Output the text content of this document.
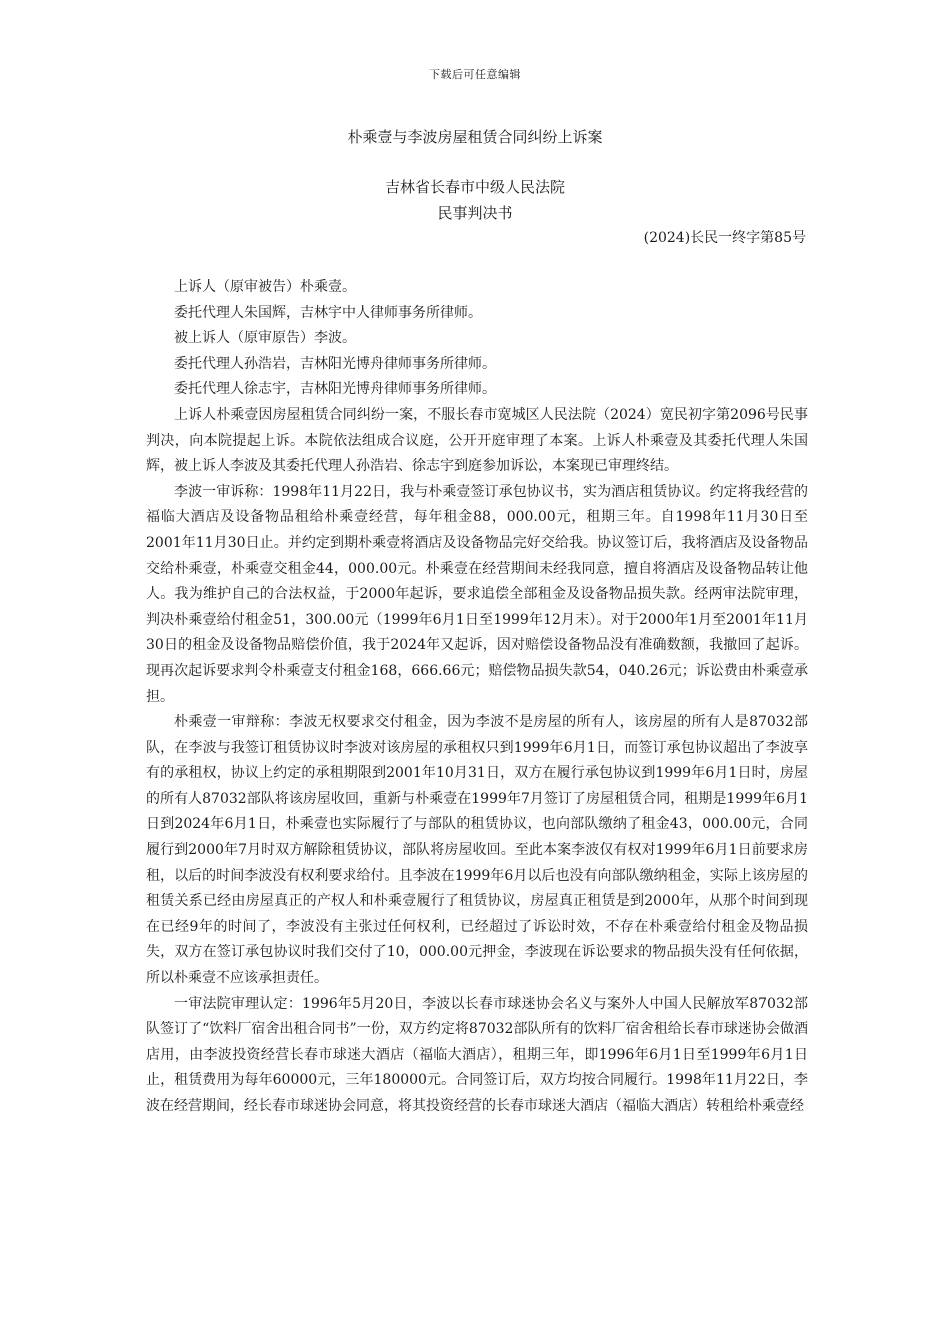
下载后可任意编辑
朴乘壹与李波房屋租赁合同纠纷上诉案
吉林省长春市中级人民法院
民事判决书
(2024)长民一终字第85号

上诉人（原审被告）朴乘壹。

委托代理人朱国辉，吉林宇中人律师事务所律师。

被上诉人（原审原告）李波。

委托代理人孙浩岩，吉林阳光博舟律师事务所律师。

委托代理人徐志宇，吉林阳光博舟律师事务所律师。

上诉人朴乘壹因房屋租赁合同纠纷一案，不服长春市宽城区人民法院（2024）宽民初字第2096号民事判决，向本院提起上诉。本院依法组成合议庭，公开开庭审理了本案。上诉人朴乘壹及其委托代理人朱国辉，被上诉人李波及其委托代理人孙浩岩、徐志宇到庭参加诉讼，本案现已审理终结。

李波一审诉称：1998年11月22日，我与朴乘壹签订承包协议书，实为酒店租赁协议。约定将我经营的福临大酒店及设备物品租给朴乘壹经营，每年租金88，000.00元，租期三年。自1998年11月30日至2001年11月30日止。并约定到期朴乘壹将酒店及设备物品完好交给我。协议签订后，我将酒店及设备物品交给朴乘壹，朴乘壹交租金44，000.00元。朴乘壹在经营期间未经我同意，擅自将酒店及设备物品转让他人。我为维护自己的合法权益，于2000年起诉，要求追偿全部租金及设备物品损失款。经两审法院审理，判决朴乘壹给付租金51，300.00元（1999年6月1日至1999年12月末）。对于2000年1月至2001年11月30日的租金及设备物品赔偿价值，我于2024年又起诉，因对赔偿设备物品没有准确数额，我撤回了起诉。现再次起诉要求判令朴乘壹支付租金168，666.66元；赔偿物品损失款54，040.26元；诉讼费由朴乘壹承担。

朴乘壹一审辩称：李波无权要求交付租金，因为李波不是房屋的所有人，该房屋的所有人是87032部队，在李波与我签订租赁协议时李波对该房屋的承租权只到1999年6月1日，而签订承包协议超出了李波享有的承租权，协议上约定的承租期限到2001年10月31日，双方在履行承包协议到1999年6月1日时，房屋的所有人87032部队将该房屋收回，重新与朴乘壹在1999年7月签订了房屋租赁合同，租期是1999年6月1日到2024年6月1日，朴乘壹也实际履行了与部队的租赁协议，也向部队缴纳了租金43，000.00元，合同履行到2000年7月时双方解除租赁协议，部队将房屋收回。至此本案李波仅有权对1999年6月1日前要求房租，以后的时间李波没有权利要求给付。且李波在1999年6月以后也没有向部队缴纳租金，实际上该房屋的租赁关系已经由房屋真正的产权人和朴乘壹履行了租赁协议，房屋真正租赁是到2000年，从那个时间到现在已经9年的时间了，李波没有主张过任何权利，已经超过了诉讼时效，不存在朴乘壹给付租金及物品损失，双方在签订承包协议时我们交付了10，000.00元押金，李波现在诉讼要求的物品损失没有任何依据，所以朴乘壹不应该承担责任。

一审法院审理认定：1996年5月20日，李波以长春市球迷协会名义与案外人中国人民解放军87032部队签订了“饮料厂宿舍出租合同书”一份，双方约定将87032部队所有的饮料厂宿舍租给长春市球迷协会做酒店用，由李波投资经营长春市球迷大酒店（福临大酒店），租期三年，即1996年6月1日至1999年6月1日止，租赁费用为每年60000元，三年180000元。合同签订后，双方均按合同履行。1998年11月22日，李波在经营期间，经长春市球迷协会同意，将其投资经营的长春市球迷大酒店（福临大酒店）转租给朴乘壹经
